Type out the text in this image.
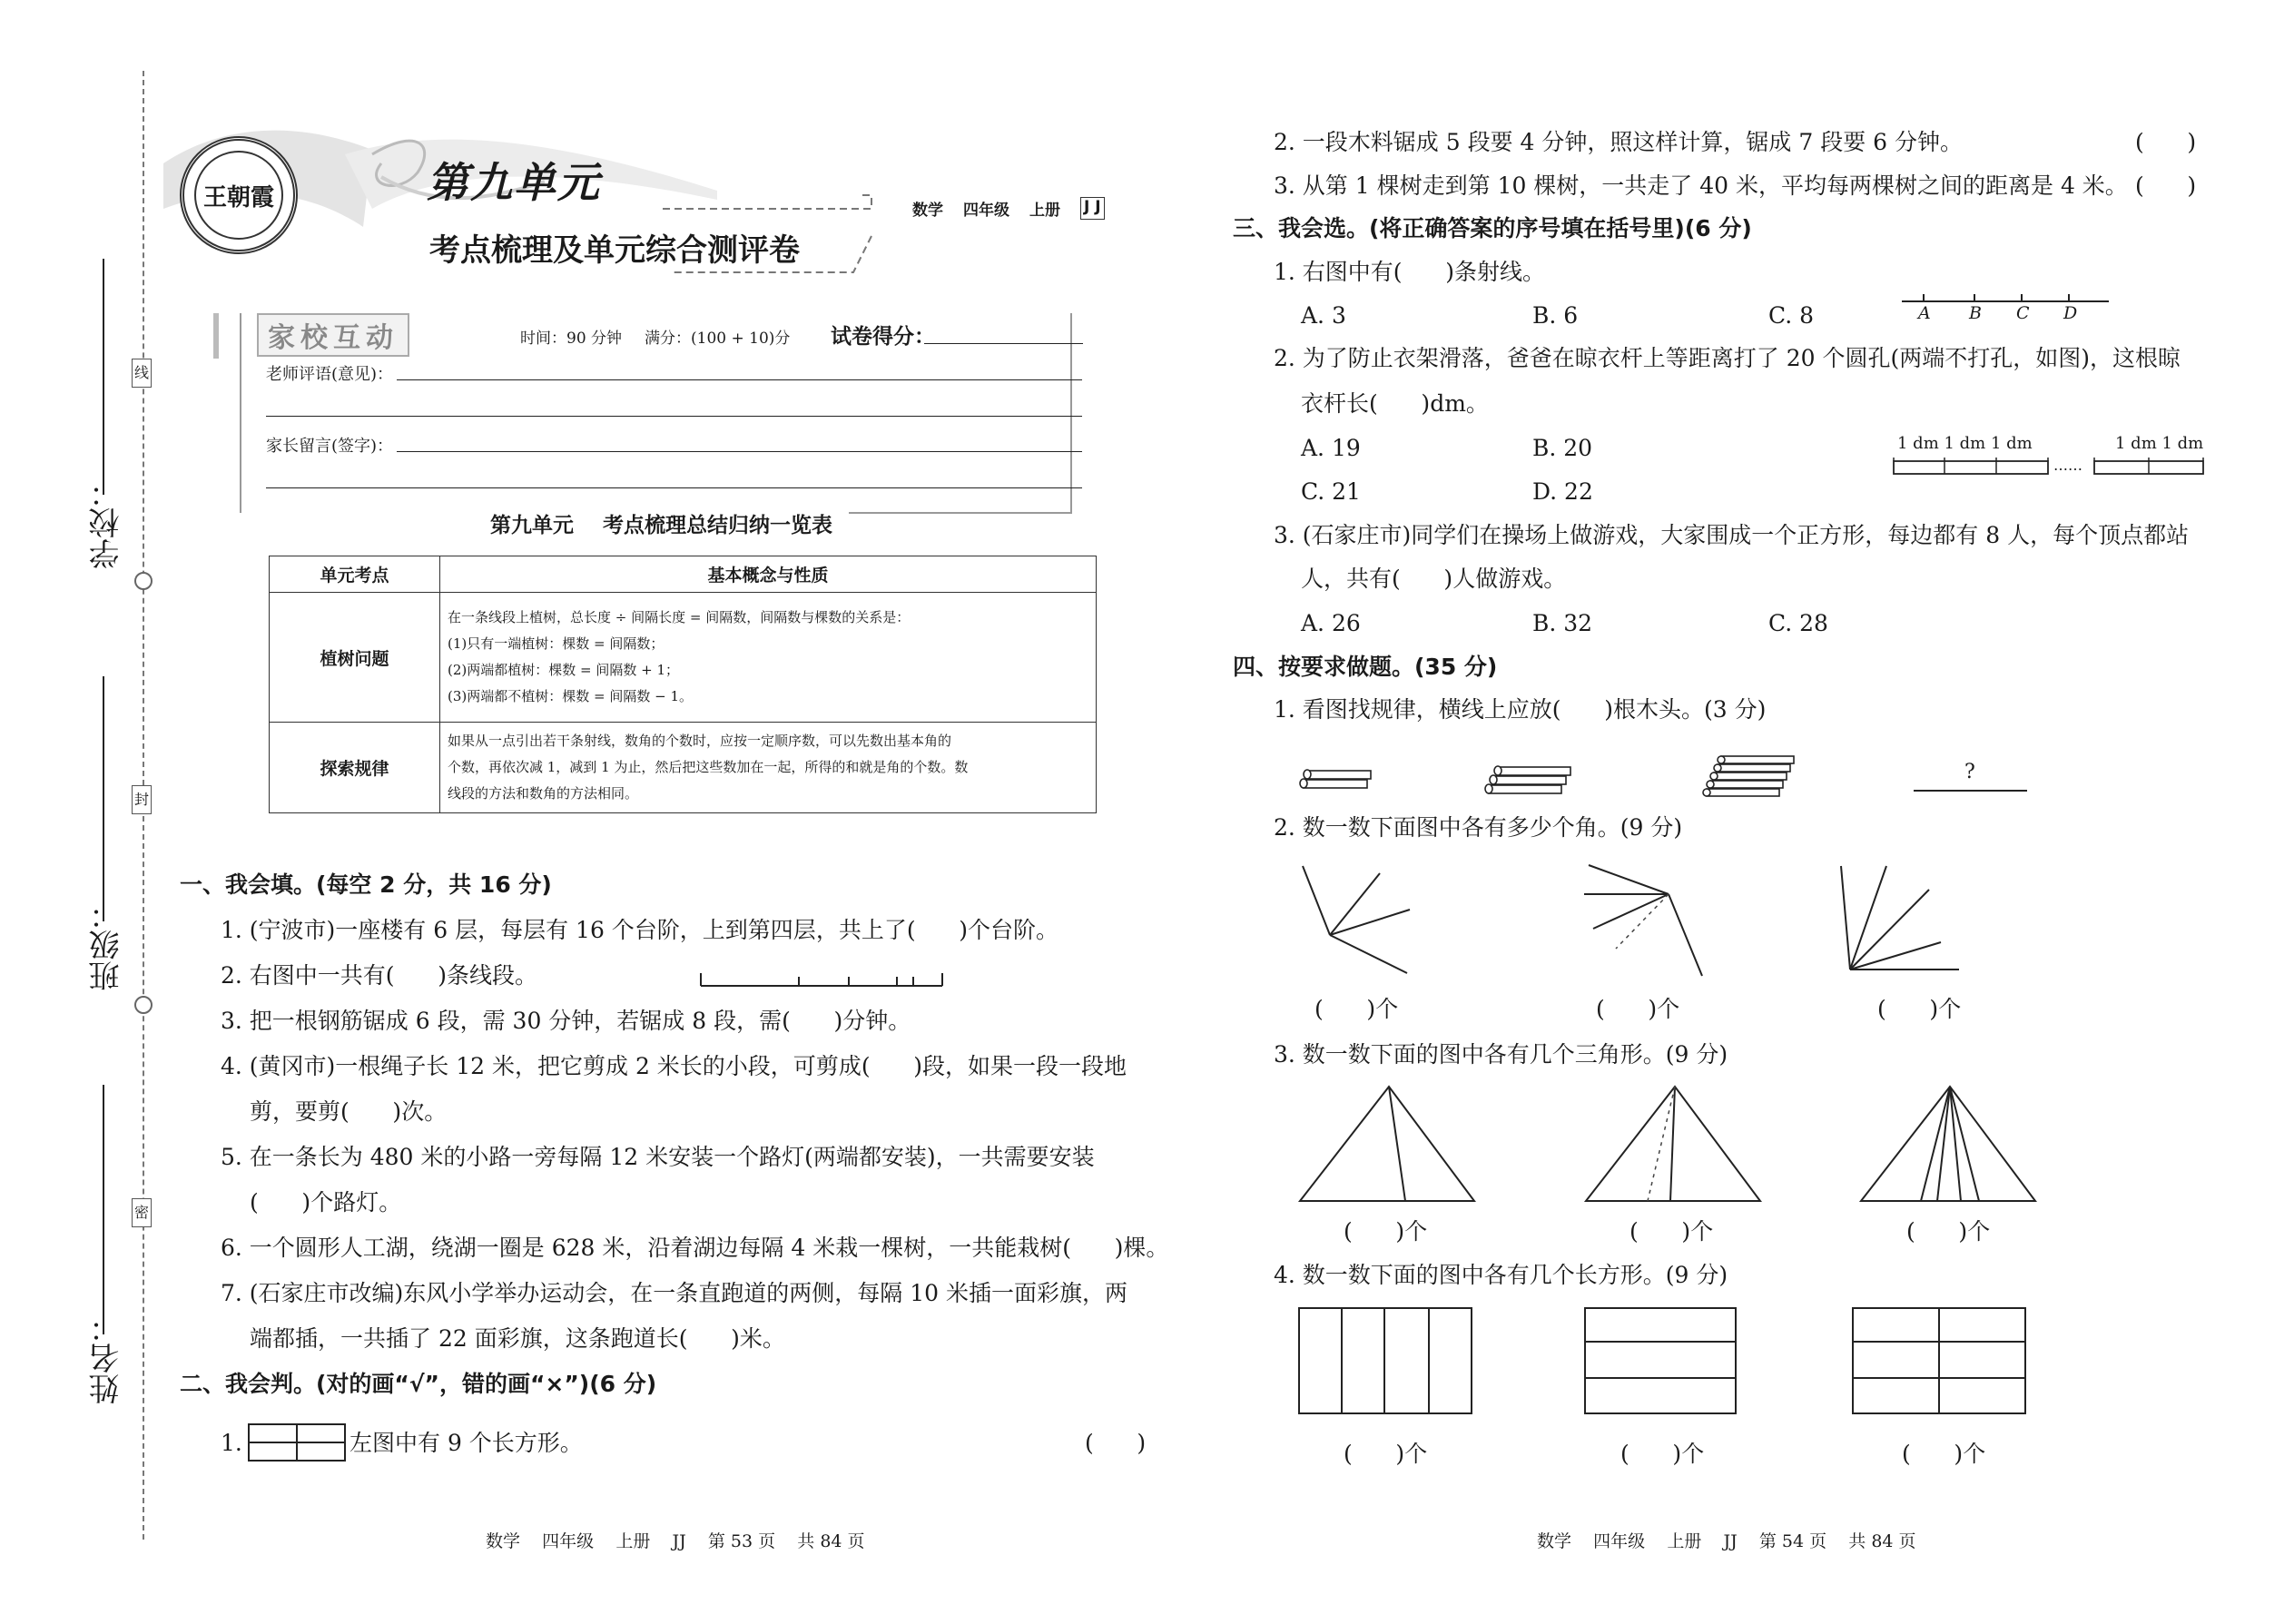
线
封
密
学校：
班级：
姓名：
王朝霞	第九单元
考点梳理及单元综合测评卷
数学 四年级 上册 J J
家校互动	时间：90 分钟 满分：(100 + 10)分 试卷得分：
老师评语(意见)：
家长留言(签字)：
第九单元    考点梳理总结归纳一览表
单元考点	基本概念与性质
植树问题	在一条线段上植树，总长度 ÷ 间隔长度 = 间隔数，间隔数与棵数的关系是：
(1)只有一端植树：棵数 = 间隔数；
(2)两端都植树：棵数 = 间隔数 + 1；
(3)两端都不植树：棵数 = 间隔数 − 1。

探索规律	如果从一点引出若干条射线，数角的个数时，应按一定顺序数，可以先数出基本角的
个数，再依次减 1，减到 1 为止，然后把这些数加在一起，所得的和就是角的个数。数
线段的方法和数角的方法相同。
一、我会填。(每空 2 分，共 16 分)
1. (宁波市)一座楼有 6 层，每层有 16 个台阶，上到第四层，共上了(      )个台阶。
2. 右图中一共有(      )条线段。
3. 把一根钢筋锯成 6 段，需 30 分钟，若锯成 8 段，需(      )分钟。
4. (黄冈市)一根绳子长 12 米，把它剪成 2 米长的小段，可剪成(      )段，如果一段一段地
剪，要剪(      )次。
5. 在一条长为 480 米的小路一旁每隔 12 米安装一个路灯(两端都安装)，一共需要安装
(      )个路灯。
6. 一个圆形人工湖，绕湖一圈是 628 米，沿着湖边每隔 4 米栽一棵树，一共能栽树(      )棵。
7. (石家庄市改编)东风小学举办运动会，在一条直跑道的两侧，每隔 10 米插一面彩旗，两
端都插，一共插了 22 面彩旗，这条跑道长(      )米。
二、我会判。(对的画“√”，错的画“×”)(6 分)
1.	左图中有 9 个长方形。	(      )
2. 一段木料锯成 5 段要 4 分钟，照这样计算，锯成 7 段要 6 分钟。	(      )
3. 从第 1 棵树走到第 10 棵树，一共走了 40 米，平均每两棵树之间的距离是 4 米。 (      )
三、我会选。(将正确答案的序号填在括号里)(6 分)
1. 右图中有(      )条射线。
A. 3	B. 6	C. 8	A B C D
2. 为了防止衣架滑落，爸爸在晾衣杆上等距离打了 20 个圆孔(两端不打孔，如图)，这根晾
衣杆长(      )dm。
A. 19	B. 20
C. 21	D. 22
1 dm 1 dm 1 dm	1 dm 1 dm
……
3. (石家庄市)同学们在操场上做游戏，大家围成一个正方形，每边都有 8 人，每个顶点都站
人，共有(      )人做游戏。
A. 26	B. 32	C. 28
四、按要求做题。(35 分)
1. 看图找规律，横线上应放(      )根木头。(3 分)
?
2. 数一数下面图中各有多少个角。(9 分)
(      )个	(      )个	(      )个
3. 数一数下面的图中各有几个三角形。(9 分)
(      )个	(      )个	(      )个
4. 数一数下面的图中各有几个长方形。(9 分)
(      )个	(      )个	(      )个
数学    四年级    上册    JJ    第 53 页    共 84 页	数学    四年级    上册    JJ    第 54 页    共 84 页
